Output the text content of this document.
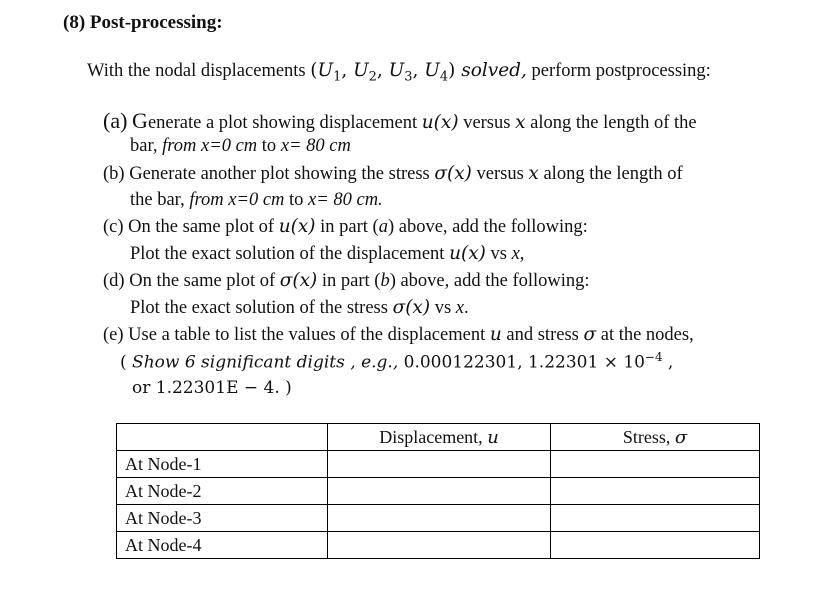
(8) Post-processing:
With the nodal displacements ($U_1$, $U_2$, $U_3$, $U_4$) solved, perform postprocessing:
(a) Generate a plot showing displacement u(x) versus x along the length of the
bar, from x=0 cm to x= 80 cm
(b) Generate another plot showing the stress σ(x) versus x along the length of
the bar, from x=0 cm to x= 80 cm.
(c) On the same plot of u(x) in part (a) above, add the following:
Plot the exact solution of the displacement u(x) vs x,
(d) On the same plot of σ(x) in part (b) above, add the following:
Plot the exact solution of the stress σ(x) vs x.
(e) Use a table to list the values of the displacement u and stress σ at the nodes,
( Show 6 significant digits , e.g., 0.000122301, $1.22301 \times 10^{-4}$ ,
or 1.22301E − 4. )
	Displacement, u	Stress, σ
At Node-1		
At Node-2		
At Node-3		
At Node-4		
